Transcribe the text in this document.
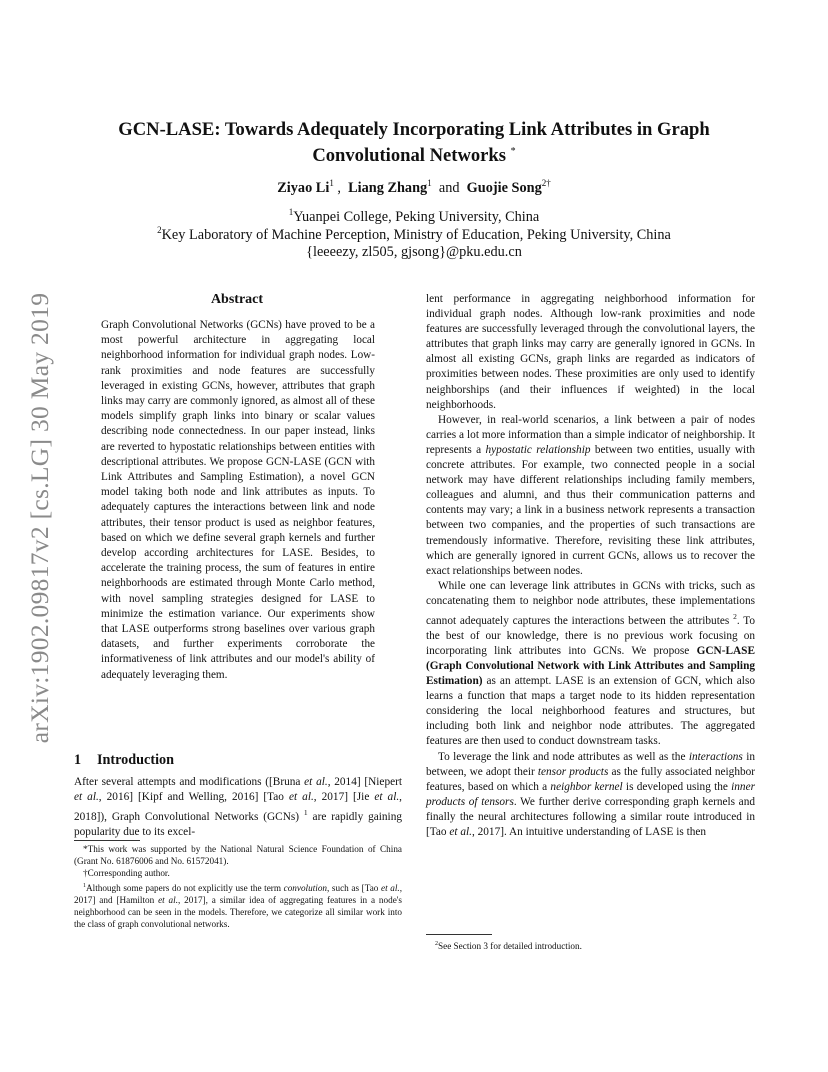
arXiv:1902.09817v2 [cs.LG] 30 May 2019
GCN-LASE: Towards Adequately Incorporating Link Attributes in Graph
Convolutional Networks *
Ziyao Li$^1$ ,  Liang Zhang$^1$ and Guojie Song$^{2\dagger}$
$^1$Yuanpei College, Peking University, China
$^2$Key Laboratory of Machine Perception, Ministry of Education, Peking University, China
{leeeezy, zl505, gjsong}@pku.edu.cn
Abstract
Graph Convolutional Networks (GCNs) have proved to be a most powerful architecture in aggregating local neighborhood information for individual graph nodes. Low-rank proximities and node features are successfully leveraged in existing GCNs, however, attributes that graph links may carry are commonly ignored, as almost all of these models simplify graph links into binary or scalar values describing node connectedness. In our paper instead, links are reverted to hypostatic relationships between entities with descriptional attributes. We propose GCN-LASE (GCN with Link Attributes and Sampling Estimation), a novel GCN model taking both node and link attributes as inputs. To adequately captures the interactions between link and node attributes, their tensor product is used as neighbor features, based on which we define several graph kernels and further develop according architectures for LASE. Besides, to accelerate the training process, the sum of features in entire neighborhoods are estimated through Monte Carlo method, with novel sampling strategies designed for LASE to minimize the estimation variance. Our experiments show that LASE outperforms strong baselines over various graph datasets, and further experiments corroborate the informativeness of link attributes and our model's ability of adequately leveraging them.
1 Introduction

After several attempts and modifications ([Bruna et al., 2014] [Niepert et al., 2016] [Kipf and Welling, 2016] [Tao et al., 2017] [Jie et al., 2018]), Graph Convolutional Networks (GCNs) $^1$ are rapidly gaining popularity due to its excel-

*This work was supported by the National Natural Science Foundation of China (Grant No. 61876006 and No. 61572041).

†Corresponding author.

$^1$Although some papers do not explicitly use the term convolution, such as [Tao et al., 2017] and [Hamilton et al., 2017], a similar idea of aggregating features in a node's neighborhood can be seen in the models. Therefore, we categorize all similar work into the class of graph convolutional networks.

lent performance in aggregating neighborhood information for individual graph nodes. Although low-rank proximities and node features are successfully leveraged through the convolutional layers, the attributes that graph links may carry are generally ignored in GCNs. In almost all existing GCNs, graph links are regarded as indicators of proximities between nodes. These proximities are only used to identify neighborships (and their influences if weighted) in the local neighborhoods.

However, in real-world scenarios, a link between a pair of nodes carries a lot more information than a simple indicator of neighborship. It represents a hypostatic relationship between two entities, usually with concrete attributes. For example, two connected people in a social network may have different relationships including family members, colleagues and alumni, and thus their communication patterns and contents may vary; a link in a business network represents a transaction between two companies, and the properties of such transactions are tremendously informative. Therefore, revisiting these link attributes, which are generally ignored in current GCNs, allows us to recover the exact relationships between nodes.

While one can leverage link attributes in GCNs with tricks, such as concatenating them to neighbor node attributes, these implementations cannot adequately captures the interactions between the attributes $^2$. To the best of our knowledge, there is no previous work focusing on incorporating link attributes into GCNs. We propose GCN-LASE (Graph Convolutional Network with Link Attributes and Sampling Estimation) as an attempt. LASE is an extension of GCN, which also learns a function that maps a target node to its hidden representation considering the local neighborhood features and structures, but including both link and neighbor node attributes. The aggregated features are then used to conduct downstream tasks.

To leverage the link and node attributes as well as the interactions in between, we adopt their tensor products as the fully associated neighbor features, based on which a neighbor kernel is developed using the inner products of tensors. We further derive corresponding graph kernels and finally the neural architectures following a similar route introduced in [Tao et al., 2017]. An intuitive understanding of LASE is then

$^2$See Section 3 for detailed introduction.
